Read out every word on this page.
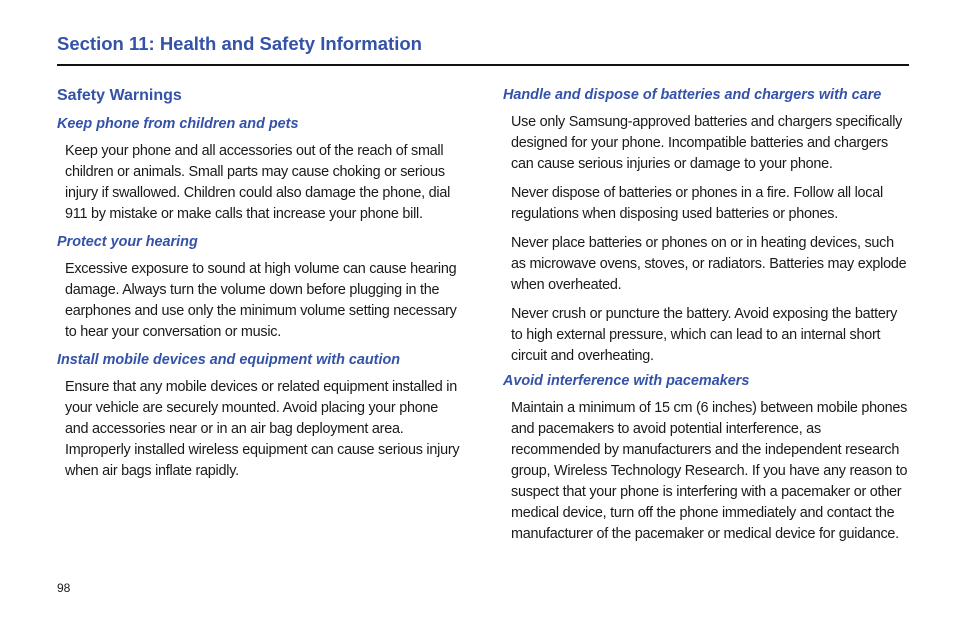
Section 11: Health and Safety Information
Safety Warnings
Keep phone from children and pets

Keep your phone and all accessories out of the reach of small children or animals. Small parts may cause choking or serious injury if swallowed. Children could also damage the phone, dial 911 by mistake or make calls that increase your phone bill.

Protect your hearing

Excessive exposure to sound at high volume can cause hearing damage. Always turn the volume down before plugging in the earphones and use only the minimum volume setting necessary to hear your conversation or music.

Install mobile devices and equipment with caution

Ensure that any mobile devices or related equipment installed in your vehicle are securely mounted. Avoid placing your phone and accessories near or in an air bag deployment area. Improperly installed wireless equipment can cause serious injury when air bags inflate rapidly.

Handle and dispose of batteries and chargers with care

Use only Samsung-approved batteries and chargers specifically designed for your phone. Incompatible batteries and chargers can cause serious injuries or damage to your phone.

Never dispose of batteries or phones in a fire. Follow all local regulations when disposing used batteries or phones.

Never place batteries or phones on or in heating devices, such as microwave ovens, stoves, or radiators. Batteries may explode when overheated.

Never crush or puncture the battery. Avoid exposing the battery to high external pressure, which can lead to an internal short circuit and overheating.

Avoid interference with pacemakers

Maintain a minimum of 15 cm (6 inches) between mobile phones and pacemakers to avoid potential interference, as recommended by manufacturers and the independent research group, Wireless Technology Research. If you have any reason to suspect that your phone is interfering with a pacemaker or other medical device, turn off the phone immediately and contact the manufacturer of the pacemaker or medical device for guidance.

98
